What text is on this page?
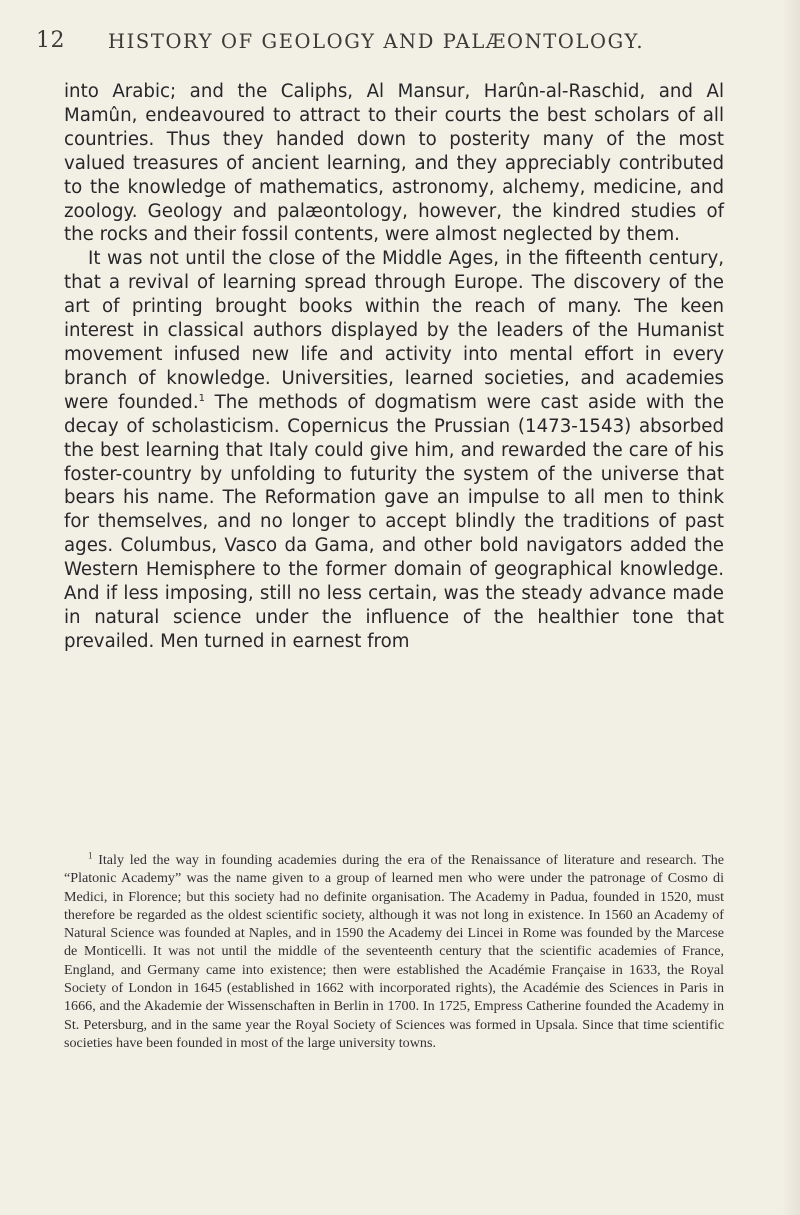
12 HISTORY OF GEOLOGY AND PALÆONTOLOGY.

into Arabic; and the Caliphs, Al Mansur, Harûn-al-Raschid, and Al Mamûn, endeavoured to attract to their courts the best scholars of all countries. Thus they handed down to posterity many of the most valued treasures of ancient learning, and they appreciably contributed to the knowledge of mathematics, astronomy, alchemy, medicine, and zoology. Geology and palæontology, however, the kindred studies of the rocks and their fossil contents, were almost neglected by them.

It was not until the close of the Middle Ages, in the fifteenth century, that a revival of learning spread through Europe. The discovery of the art of printing brought books within the reach of many. The keen interest in classical authors displayed by the leaders of the Humanist movement infused new life and activity into mental effort in every branch of knowledge. Universities, learned societies, and academies were founded.$^1$ The methods of dogmatism were cast aside with the decay of scholasticism. Copernicus the Prussian (1473-1543) absorbed the best learning that Italy could give him, and rewarded the care of his foster-country by unfolding to futurity the system of the universe that bears his name. The Reformation gave an impulse to all men to think for themselves, and no longer to accept blindly the traditions of past ages. Columbus, Vasco da Gama, and other bold navigators added the Western Hemisphere to the former domain of geographical knowledge. And if less imposing, still no less certain, was the steady advance made in natural science under the influence of the healthier tone that prevailed. Men turned in earnest from

$^1$ Italy led the way in founding academies during the era of the Renaissance of literature and research. The “Platonic Academy” was the name given to a group of learned men who were under the patronage of Cosmo di Medici, in Florence; but this society had no definite organisation. The Academy in Padua, founded in 1520, must therefore be regarded as the oldest scientific society, although it was not long in existence. In 1560 an Academy of Natural Science was founded at Naples, and in 1590 the Academy dei Lincei in Rome was founded by the Marcese de Monticelli. It was not until the middle of the seventeenth century that the scientific academies of France, England, and Germany came into existence; then were established the Académie Française in 1633, the Royal Society of London in 1645 (established in 1662 with incorporated rights), the Académie des Sciences in Paris in 1666, and the Akademie der Wissenschaften in Berlin in 1700. In 1725, Empress Catherine founded the Academy in St. Petersburg, and in the same year the Royal Society of Sciences was formed in Upsala. Since that time scientific societies have been founded in most of the large university towns.
